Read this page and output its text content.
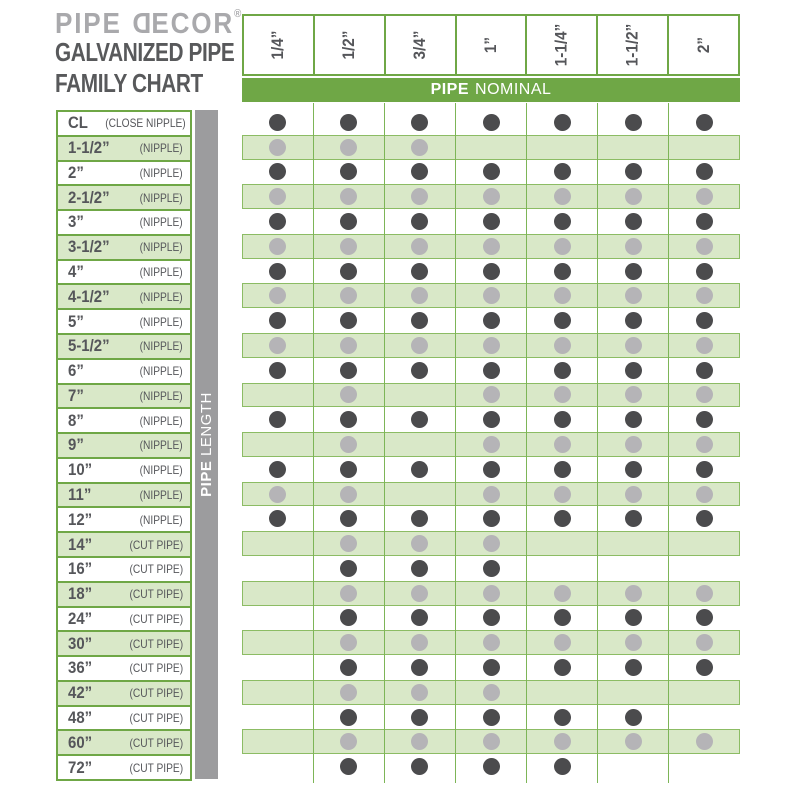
PIPE DECOR®
GALVANIZED PIPE
FAMILY CHART
1/4”	1/2”	3/4”	1”	1-1/4”	1-1/2”	2”
PIPE NOMINAL
CL (CLOSE NIPPLE)
1-1/2”	(NIPPLE)
2”	(NIPPLE)
2-1/2”	(NIPPLE)
3”	(NIPPLE)
3-1/2”	(NIPPLE)
4”	(NIPPLE)
4-1/2”	(NIPPLE)
5”	(NIPPLE)
5-1/2”	(NIPPLE)
6”	(NIPPLE)
7”	(NIPPLE)
8”	(NIPPLE)
9”	(NIPPLE)
10”	(NIPPLE)
11”	(NIPPLE)
12”	(NIPPLE)
14”	(CUT PIPE)
16”	(CUT PIPE)
18”	(CUT PIPE)
24”	(CUT PIPE)
30”	(CUT PIPE)
36”	(CUT PIPE)
42”	(CUT PIPE)
48”	(CUT PIPE)
60”	(CUT PIPE)
72”	(CUT PIPE)
PIPE LENGTH
